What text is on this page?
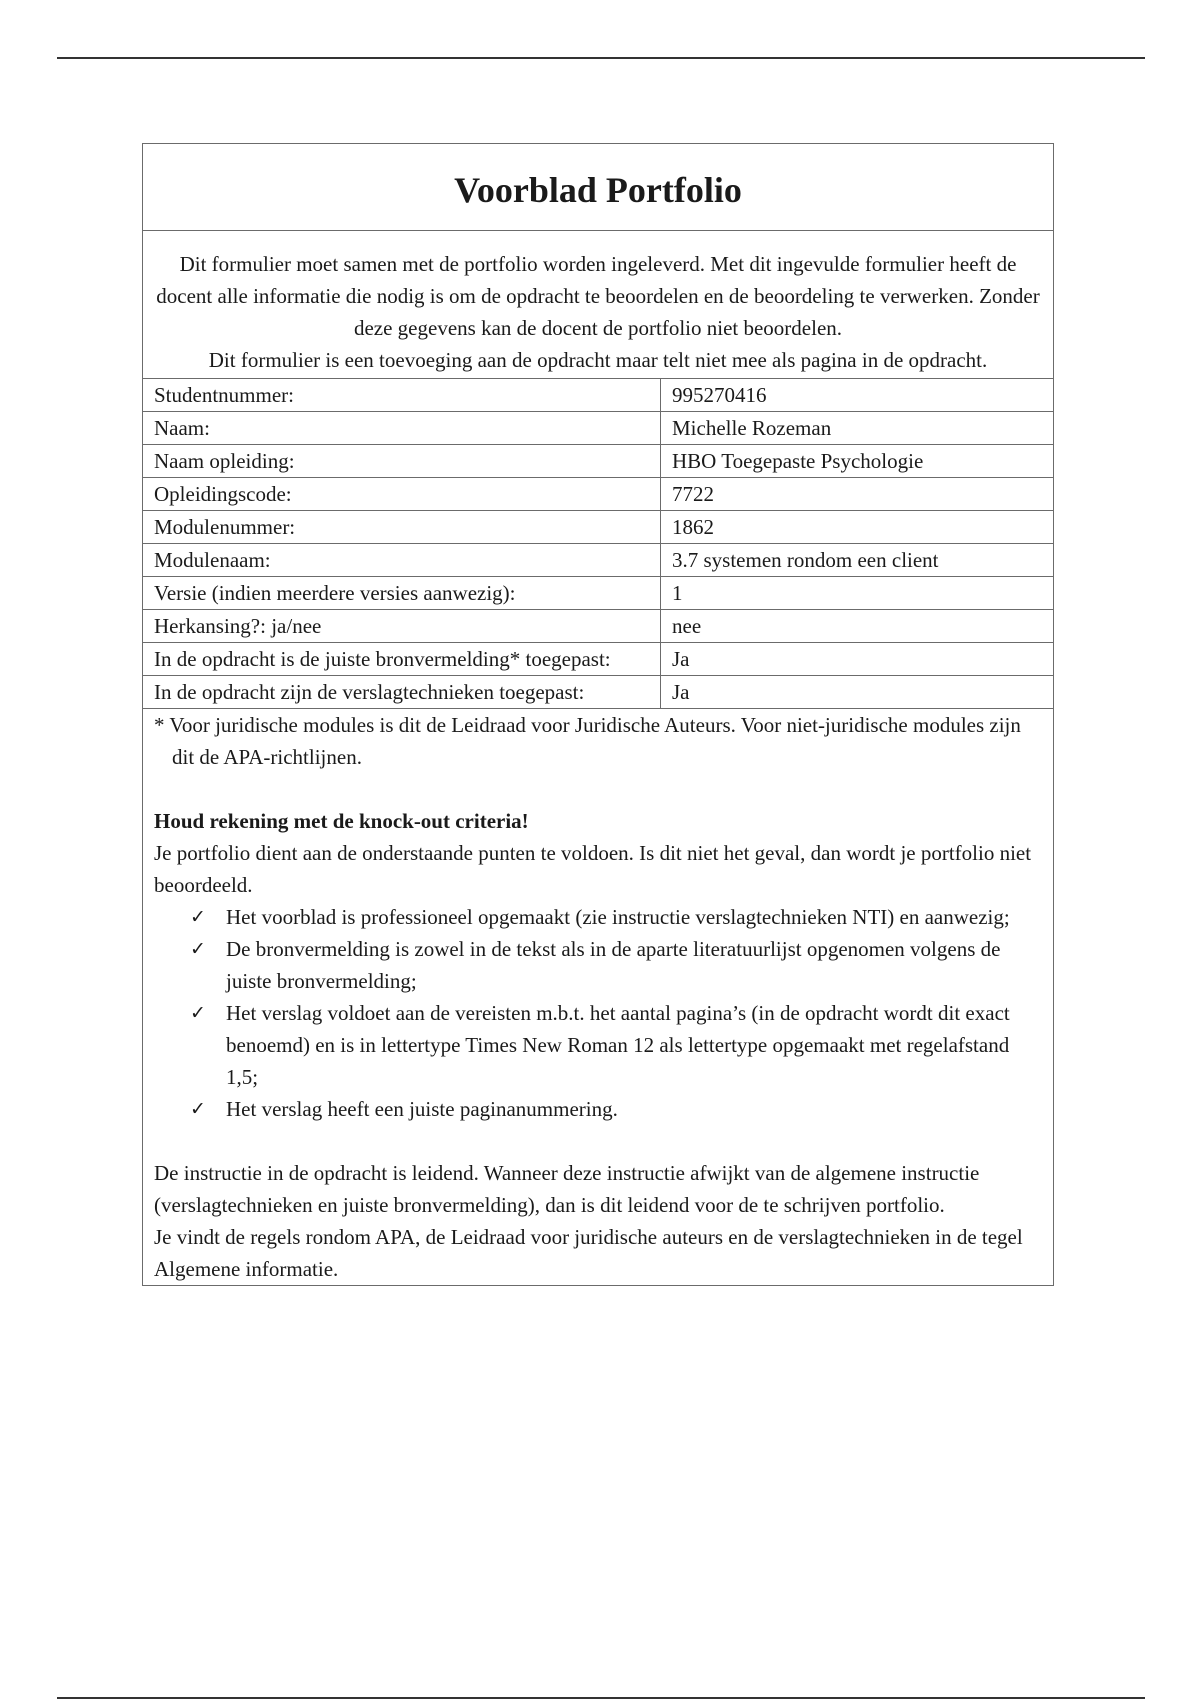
Voorblad Portfolio

Dit formulier moet samen met de portfolio worden ingeleverd. Met dit ingevulde formulier heeft de docent alle informatie die nodig is om de opdracht te beoordelen en de beoordeling te verwerken. Zonder deze gegevens kan de docent de portfolio niet beoordelen.

Dit formulier is een toevoeging aan de opdracht maar telt niet mee als pagina in de opdracht.

Studentnummer:	995270416
Naam:	Michelle Rozeman
Naam opleiding:	HBO Toegepaste Psychologie
Opleidingscode:	7722
Modulenummer:	1862
Modulenaam:	3.7 systemen rondom een client
Versie (indien meerdere versies aanwezig):	1
Herkansing?: ja/nee	nee
In de opdracht is de juiste bronvermelding* toegepast:	Ja
In de opdracht zijn de verslagtechnieken toegepast:	Ja

* Voor juridische modules is dit de Leidraad voor Juridische Auteurs. Voor niet-juridische modules zijn dit de APA-richtlijnen.

Houd rekening met de knock-out criteria!

Je portfolio dient aan de onderstaande punten te voldoen. Is dit niet het geval, dan wordt je portfolio niet beoordeeld.

✓ Het voorblad is professioneel opgemaakt (zie instructie verslagtechnieken NTI) en aanwezig;
✓ De bronvermelding is zowel in de tekst als in de aparte literatuurlijst opgenomen volgens de juiste bronvermelding;
✓ Het verslag voldoet aan de vereisten m.b.t. het aantal pagina’s (in de opdracht wordt dit exact benoemd) en is in lettertype Times New Roman 12 als lettertype opgemaakt met regelafstand 1,5;
✓ Het verslag heeft een juiste paginanummering.

De instructie in de opdracht is leidend. Wanneer deze instructie afwijkt van de algemene instructie (verslagtechnieken en juiste bronvermelding), dan is dit leidend voor de te schrijven portfolio.

Je vindt de regels rondom APA, de Leidraad voor juridische auteurs en de verslagtechnieken in de tegel Algemene informatie.
